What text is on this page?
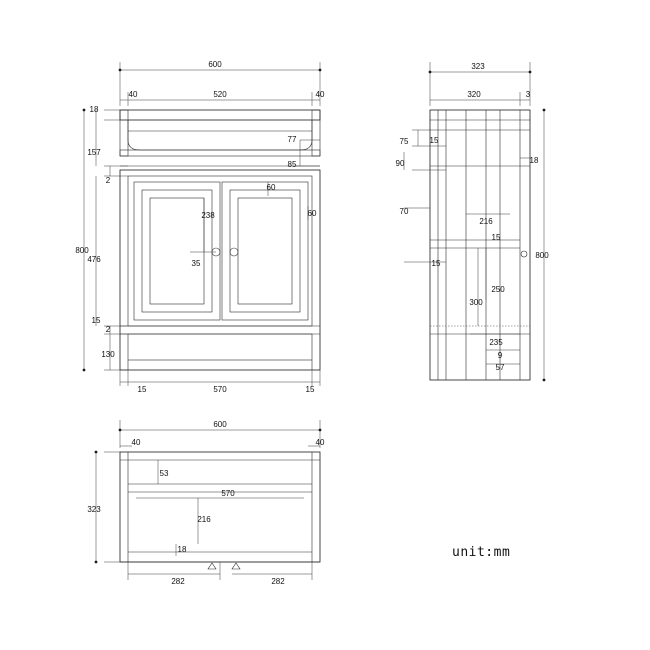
600
40	520	40
18
157
2
476
2
15
130
800
77
85
60
60
238
35
15	570	15
323
320	3
75	15
90	18
70
216
15
15
250
300
800
235
9
57
600
40	40
323
53
570
216
18
282	282
unit:mm
